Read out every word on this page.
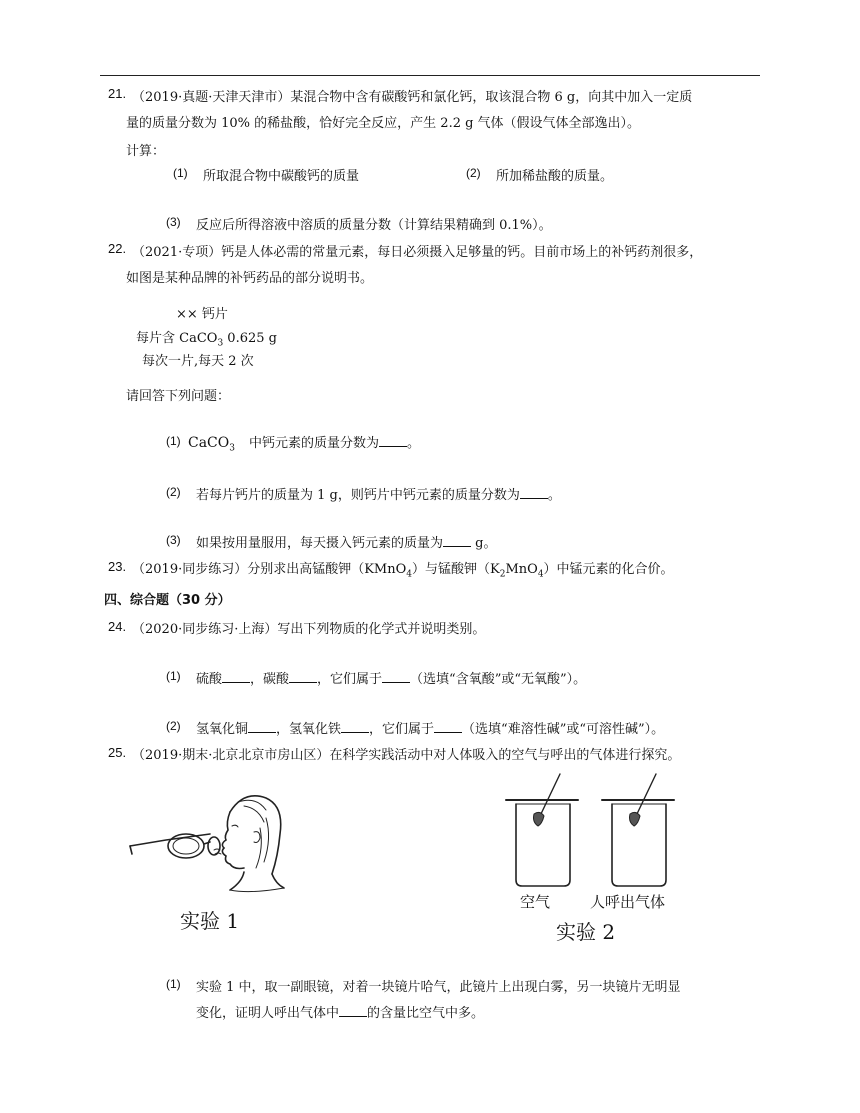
21. （2019·真题·天津天津市）某混合物中含有碳酸钙和氯化钙，取该混合物 6 g，向其中加入一定质
量的质量分数为 10% 的稀盐酸，恰好完全反应，产生 2.2 g 气体（假设气体全部逸出）。
计算：
(1) 所取混合物中碳酸钙的质量	(2) 所加稀盐酸的质量。
(3) 反应后所得溶液中溶质的质量分数（计算结果精确到 0.1%）。
22. （2021·专项）钙是人体必需的常量元素，每日必须摄入足够量的钙。目前市场上的补钙药剂很多，
如图是某种品牌的补钙药品的部分说明书。
×× 钙片
每片含 CaCO$_3$ 0.625 g
每次一片,每天 2 次
请回答下列问题：
(1) CaCO$_3$ 中钙元素的质量分数为 。
(2) 若每片钙片的质量为 1 g，则钙片中钙元素的质量分数为 。
(3) 如果按用量服用，每天摄入钙元素的质量为 g。
23. （2019·同步练习）分别求出高锰酸钾（KMnO$_4$）与锰酸钾$(K_2MnO_4)$中锰元素的化合价。
四、综合题（30 分）
24. （2020·同步练习·上海）写出下列物质的化学式并说明类别。
(1) 硫酸 ，碳酸 ，它们属于 （选填“含氧酸”或“无氧酸”）。
(2) 氢氧化铜 ，氢氧化铁 ，它们属于 （选填“难溶性碱”或“可溶性碱”）。
25. （2019·期末·北京北京市房山区）在科学实践活动中对人体吸入的空气与呼出的气体进行探究。
实验 1
空气	人呼出气体
实验 2
(1) 实验 1 中，取一副眼镜，对着一块镜片哈气，此镜片上出现白雾，另一块镜片无明显
变化，证明人呼出气体中 的含量比空气中多。
